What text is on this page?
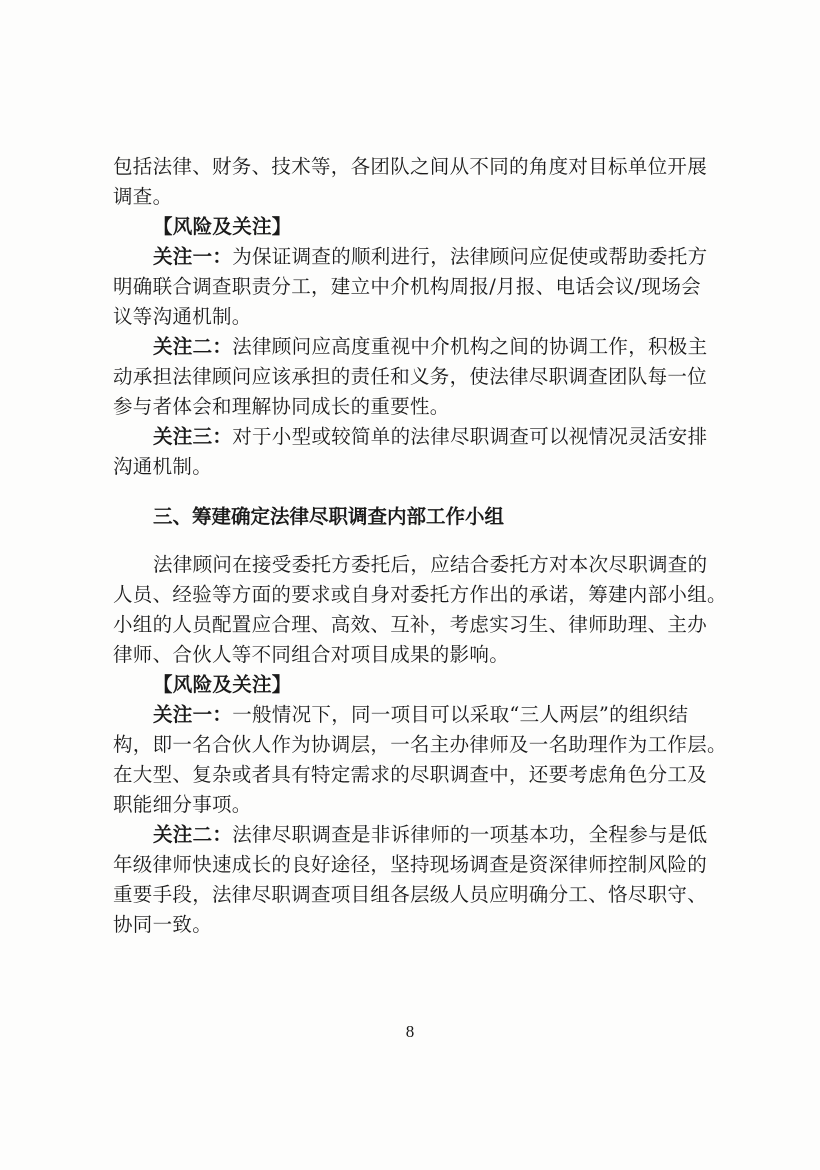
包括法律、财务、技术等，各团队之间从不同的角度对目标单位开展
调查。
【风险及关注】
关注一：为保证调查的顺利进行，法律顾问应促使或帮助委托方
明确联合调查职责分工，建立中介机构周报/月报、电话会议/现场会
议等沟通机制。
关注二：法律顾问应高度重视中介机构之间的协调工作，积极主
动承担法律顾问应该承担的责任和义务，使法律尽职调查团队每一位
参与者体会和理解协同成长的重要性。
关注三：对于小型或较简单的法律尽职调查可以视情况灵活安排
沟通机制。
三、筹建确定法律尽职调查内部工作小组
法律顾问在接受委托方委托后，应结合委托方对本次尽职调查的
人员、经验等方面的要求或自身对委托方作出的承诺，筹建内部小组。
小组的人员配置应合理、高效、互补，考虑实习生、律师助理、主办
律师、合伙人等不同组合对项目成果的影响。
【风险及关注】
关注一：一般情况下，同一项目可以采取“三人两层”的组织结
构，即一名合伙人作为协调层，一名主办律师及一名助理作为工作层。
在大型、复杂或者具有特定需求的尽职调查中，还要考虑角色分工及
职能细分事项。
关注二：法律尽职调查是非诉律师的一项基本功，全程参与是低
年级律师快速成长的良好途径，坚持现场调查是资深律师控制风险的
重要手段，法律尽职调查项目组各层级人员应明确分工、恪尽职守、
协同一致。
8
